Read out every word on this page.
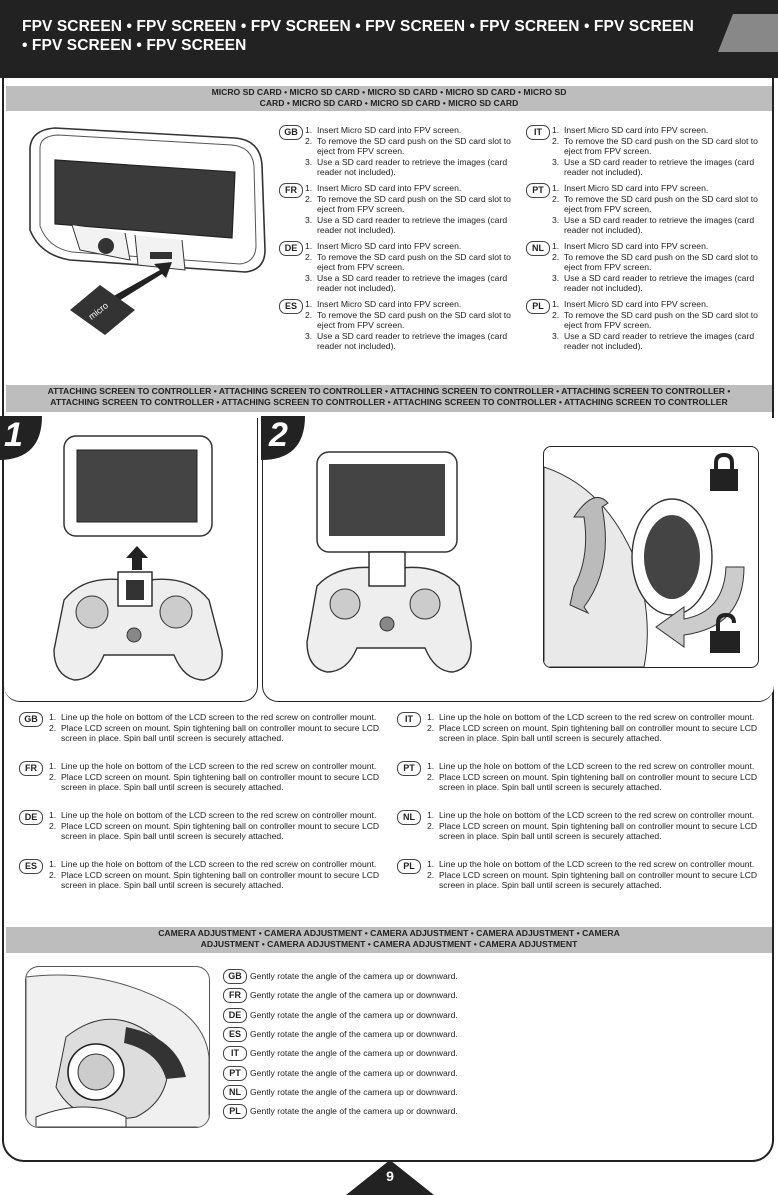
FPV SCREEN • FPV SCREEN • FPV SCREEN • FPV SCREEN • FPV SCREEN • FPV SCREEN • FPV SCREEN • FPV SCREEN
MICRO SD CARD • MICRO SD CARD • MICRO SD CARD • MICRO SD CARD • MICRO SD CARD • MICRO SD CARD • MICRO SD CARD • MICRO SD CARD
micro
GB 1. Insert Micro SD card into FPV screen.
2. To remove the SD card push on the SD card slot to eject from FPV screen.
3. Use a SD card reader to retrieve the images (card reader not included).
FR 1. Insert Micro SD card into FPV screen.
2. To remove the SD card push on the SD card slot to eject from FPV screen.
3. Use a SD card reader to retrieve the images (card reader not included).
DE 1. Insert Micro SD card into FPV screen.
2. To remove the SD card push on the SD card slot to eject from FPV screen.
3. Use a SD card reader to retrieve the images (card reader not included).
ES 1. Insert Micro SD card into FPV screen.
2. To remove the SD card push on the SD card slot to eject from FPV screen.
3. Use a SD card reader to retrieve the images (card reader not included).
IT	1. Insert Micro SD card into FPV screen.
2. To remove the SD card push on the SD card slot to eject from FPV screen.
3. Use a SD card reader to retrieve the images (card reader not included).
PT 1. Insert Micro SD card into FPV screen.
2. To remove the SD card push on the SD card slot to eject from FPV screen.
3. Use a SD card reader to retrieve the images (card reader not included).
NL 1. Insert Micro SD card into FPV screen.
2. To remove the SD card push on the SD card slot to eject from FPV screen.
3. Use a SD card reader to retrieve the images (card reader not included).
PL 1. Insert Micro SD card into FPV screen.
2. To remove the SD card push on the SD card slot to eject from FPV screen.
3. Use a SD card reader to retrieve the images (card reader not included).
ATTACHING SCREEN TO CONTROLLER • ATTACHING SCREEN TO CONTROLLER • ATTACHING SCREEN TO CONTROLLER • ATTACHING SCREEN TO CONTROLLER • ATTACHING SCREEN TO CONTROLLER • ATTACHING SCREEN TO CONTROLLER • ATTACHING SCREEN TO CONTROLLER • ATTACHING SCREEN TO CONTROLLER
1	2
GB	1. Line up the hole on bottom of the LCD screen to the red screw on controller mount.
2. Place LCD screen on mount. Spin tightening ball on controller mount to secure LCD screen in place. Spin ball until screen is securely attached.
FR	1. Line up the hole on bottom of the LCD screen to the red screw on controller mount.
2. Place LCD screen on mount. Spin tightening ball on controller mount to secure LCD screen in place. Spin ball until screen is securely attached.
DE	1. Line up the hole on bottom of the LCD screen to the red screw on controller mount.
2. Place LCD screen on mount. Spin tightening ball on controller mount to secure LCD screen in place. Spin ball until screen is securely attached.
ES	1. Line up the hole on bottom of the LCD screen to the red screw on controller mount.
2. Place LCD screen on mount. Spin tightening ball on controller mount to secure LCD screen in place. Spin ball until screen is securely attached.
IT	1. Line up the hole on bottom of the LCD screen to the red screw on controller mount.
2. Place LCD screen on mount. Spin tightening ball on controller mount to secure LCD screen in place. Spin ball until screen is securely attached.
PT	1. Line up the hole on bottom of the LCD screen to the red screw on controller mount.
2. Place LCD screen on mount. Spin tightening ball on controller mount to secure LCD screen in place. Spin ball until screen is securely attached.
NL	1. Line up the hole on bottom of the LCD screen to the red screw on controller mount.
2. Place LCD screen on mount. Spin tightening ball on controller mount to secure LCD screen in place. Spin ball until screen is securely attached.
PL	1. Line up the hole on bottom of the LCD screen to the red screw on controller mount.
2. Place LCD screen on mount. Spin tightening ball on controller mount to secure LCD screen in place. Spin ball until screen is securely attached.
CAMERA ADJUSTMENT • CAMERA ADJUSTMENT • CAMERA ADJUSTMENT • CAMERA ADJUSTMENT • CAMERA ADJUSTMENT • CAMERA ADJUSTMENT • CAMERA ADJUSTMENT • CAMERA ADJUSTMENT
GB Gently rotate the angle of the camera up or downward.
FR	Gently rotate the angle of the camera up or downward.
DE	Gently rotate the angle of the camera up or downward.
ES	Gently rotate the angle of the camera up or downward.
IT	Gently rotate the angle of the camera up or downward.
PT	Gently rotate the angle of the camera up or downward.
NL	Gently rotate the angle of the camera up or downward.
PL	Gently rotate the angle of the camera up or downward.
9
